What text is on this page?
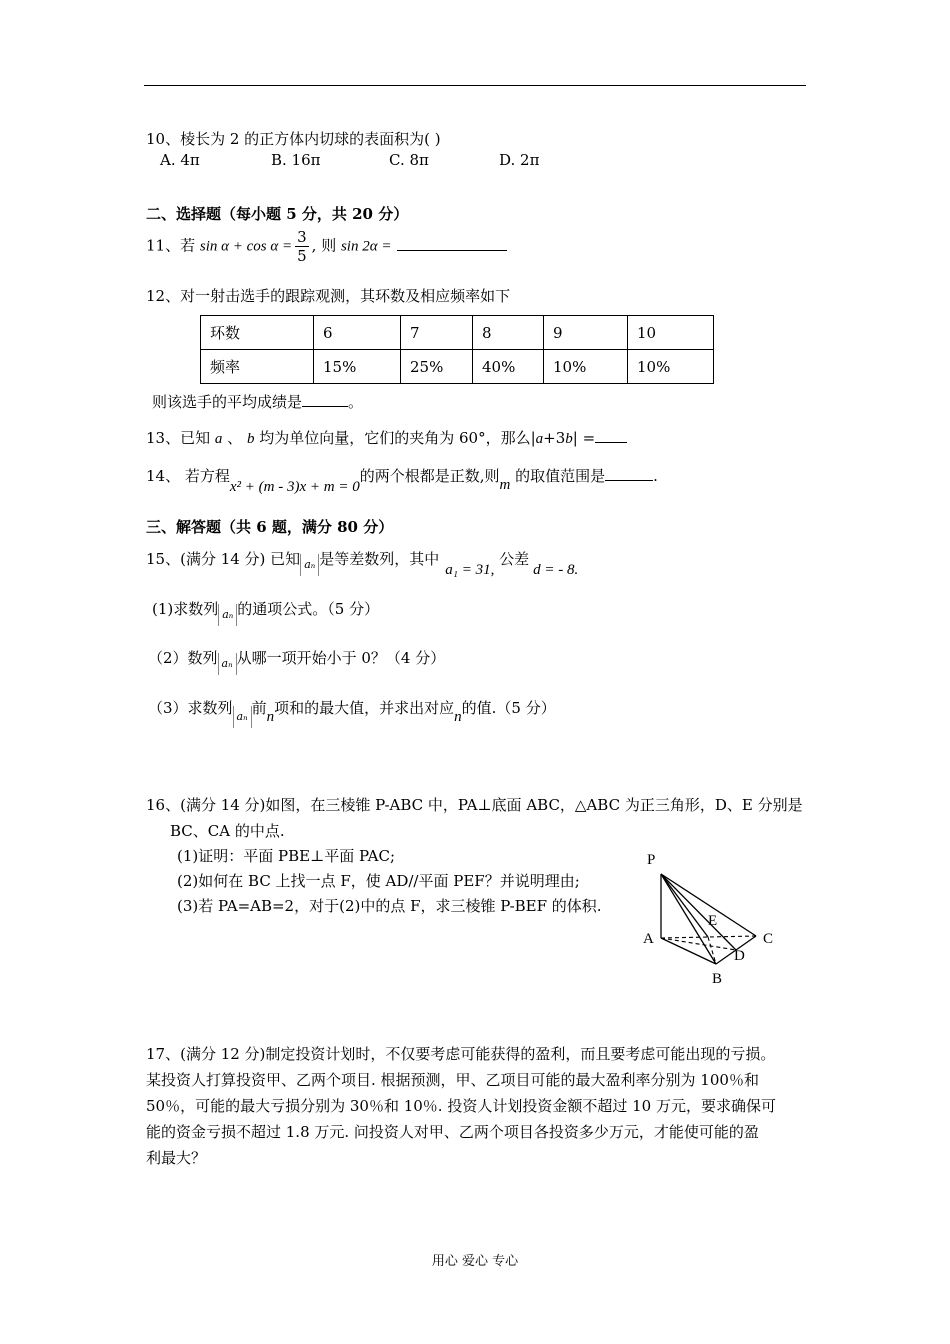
10、棱长为 2 的正方体内切球的表面积为( )
A. 4π	B. 16π	C. 8π	D. 2π
二、选择题（每小题 5 分，共 20 分）
11、若 $\sin \alpha + \cos \alpha = \frac{3}{5}$ , 则 sin 2α =
12、对一射击选手的跟踪观测，其环数及相应频率如下
环数	6	7	8	9	10
频率	15%	25%	40%	10%	10%
则该选手的平均成绩是	。
13、已知 a 、 b 均为单位向量，它们的夹角为 60°，那么|a+3b| =
14、 若方程x² + (m - 3)x + m = 0的两个根都是正数,则m 的取值范围是	.
三、解答题（共 6 题，满分 80 分）
15、(满分 14 分) 已知 aₙ 是等差数列，其中a₁ = 31, 公差d = - 8.
(1)求数列 aₙ 的通项公式。（5 分）
（2）数列 aₙ 从哪一项开始小于 0？（4 分）
（3）求数列 aₙ 前n项和的最大值，并求出对应n的值.（5 分）
16、(满分 14 分)如图，在三棱锥 P-ABC 中，PA⊥底面 ABC，△ABC 为正三角形，D、E 分别是
BC、CA 的中点.
(1)证明：平面 PBE⊥平面 PAC;
(2)如何在 BC 上找一点 F，使 AD//平面 PEF？并说明理由;
(3)若 PA=AB=2，对于(2)中的点 F，求三棱锥 P-BEF 的体积.
P
A	C
E
D
B
17、(满分 12 分)制定投资计划时，不仅要考虑可能获得的盈利，而且要考虑可能出现的亏损。
某投资人打算投资甲、乙两个项目. 根据预测，甲、乙项目可能的最大盈利率分别为 100％和
50％，可能的最大亏损分别为 30％和 10％. 投资人计划投资金额不超过 10 万元，要求确保可
能的资金亏损不超过 1.8 万元. 问投资人对甲、乙两个项目各投资多少万元，才能使可能的盈
利最大？
用心 爱心 专心
